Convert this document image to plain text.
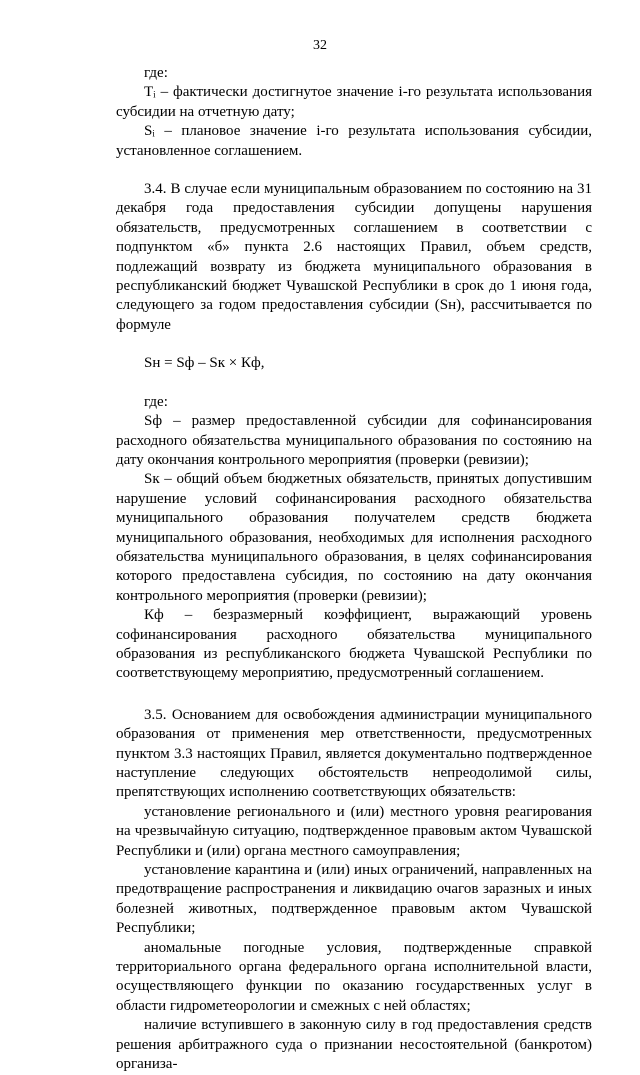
32

где:

Tᵢ – фактически достигнутое значение i-го результата использования субсидии на отчетную дату;

Sᵢ – плановое значение i-го результата использования субсидии, установленное соглашением.

3.4. В случае если муниципальным образованием по состоянию на 31 декабря года предоставления субсидии допущены нарушения обязательств, предусмотренных соглашением в соответствии с подпунктом «б» пункта 2.6 настоящих Правил, объем средств, подлежащий возврату из бюджета муниципального образования в республиканский бюджет Чувашской Республики в срок до 1 июня года, следующего за годом предоставления субсидии (Sн), рассчитывается по формуле

Sн = Sф – Sк × Кф,

где:

Sф – размер предоставленной субсидии для софинансирования расходного обязательства муниципального образования по состоянию на дату окончания контрольного мероприятия (проверки (ревизии);

Sк – общий объем бюджетных обязательств, принятых допустившим нарушение условий софинансирования расходного обязательства муниципального образования получателем средств бюджета муниципального образования, необходимых для исполнения расходного обязательства муниципального образования, в целях софинансирования которого предоставлена субсидия, по состоянию на дату окончания контрольного мероприятия (проверки (ревизии);

Кф – безразмерный коэффициент, выражающий уровень софинансирования расходного обязательства муниципального образования из республиканского бюджета Чувашской Республики по соответствующему мероприятию, предусмотренный соглашением.

3.5. Основанием для освобождения администрации муниципального образования от применения мер ответственности, предусмотренных пунктом 3.3 настоящих Правил, является документально подтвержденное наступление следующих обстоятельств непреодолимой силы, препятствующих исполнению соответствующих обязательств:

установление регионального и (или) местного уровня реагирования на чрезвычайную ситуацию, подтвержденное правовым актом Чувашской Республики и (или) органа местного самоуправления;

установление карантина и (или) иных ограничений, направленных на предотвращение распространения и ликвидацию очагов заразных и иных болезней животных, подтвержденное правовым актом Чувашской Республики;

аномальные погодные условия, подтвержденные справкой территориального органа федерального органа исполнительной власти, осуществляющего функции по оказанию государственных услуг в области гидрометеорологии и смежных с ней областях;

наличие вступившего в законную силу в год предоставления средств решения арбитражного суда о признании несостоятельной (банкротом) организа-
